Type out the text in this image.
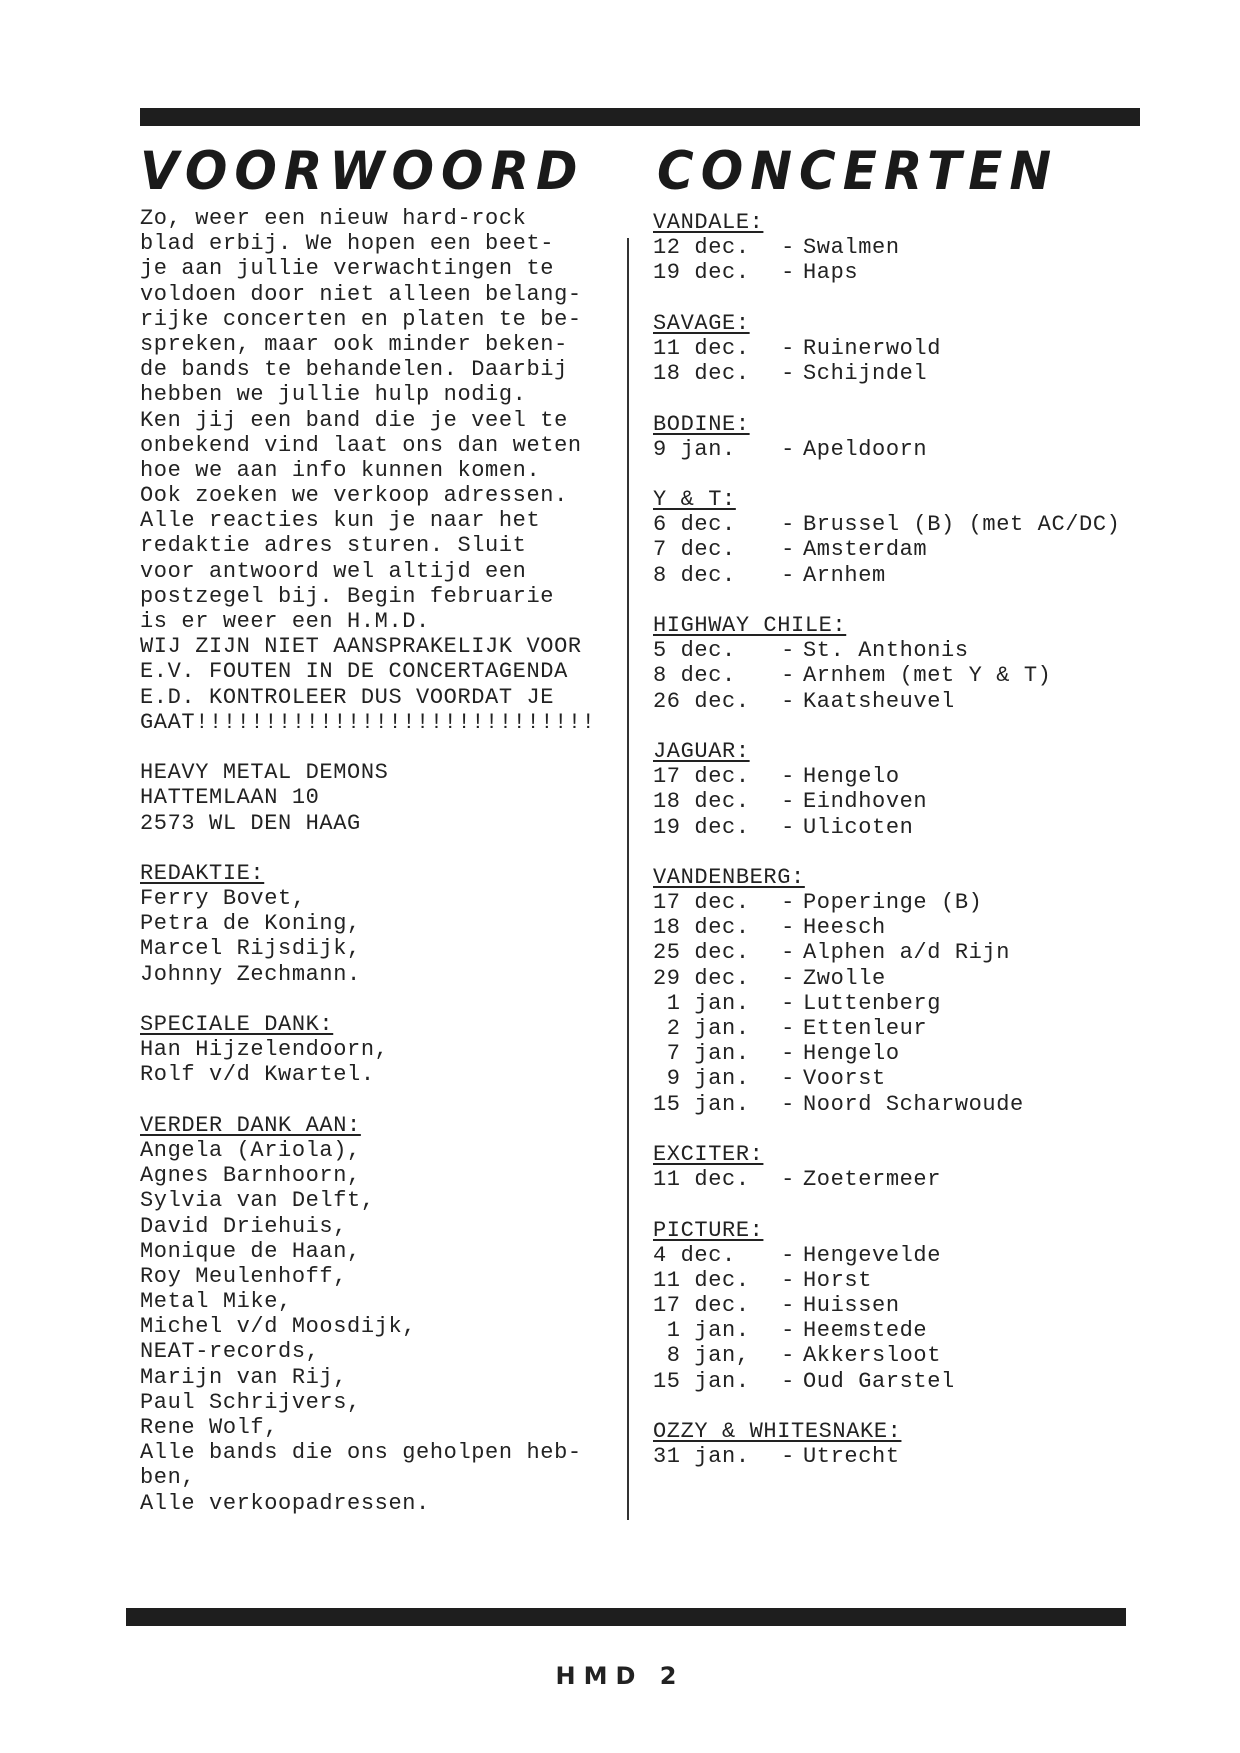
VOORWOORD CONCERTEN
Zo, weer een nieuw hard-rock
blad erbij. We hopen een beet-
je aan jullie verwachtingen te
voldoen door niet alleen belang-
rijke concerten en platen te be-
spreken, maar ook minder beken-
de bands te behandelen. Daarbij
hebben we jullie hulp nodig.
Ken jij een band die je veel te
onbekend vind laat ons dan weten
hoe we aan info kunnen komen.
Ook zoeken we verkoop adressen.
Alle reacties kun je naar het
redaktie adres sturen. Sluit
voor antwoord wel altijd een
postzegel bij. Begin februarie
is er weer een H.M.D.
WIJ ZIJN NIET AANSPRAKELIJK VOOR
E.V. FOUTEN IN DE CONCERTAGENDA
E.D. KONTROLEER DUS VOORDAT JE
GAAT!!!!!!!!!!!!!!!!!!!!!!!!!!!!!
HEAVY METAL DEMONS
HATTEMLAAN 10
2573 WL DEN HAAG
REDAKTIE:
Ferry Bovet,
Petra de Koning,
Marcel Rijsdijk,
Johnny Zechmann.
SPECIALE DANK:
Han Hijzelendoorn,
Rolf v/d Kwartel.
VERDER DANK AAN:
Angela (Ariola),
Agnes Barnhoorn,
Sylvia van Delft,
David Driehuis,
Monique de Haan,
Roy Meulenhoff,
Metal Mike,
Michel v/d Moosdijk,
NEAT-records,
Marijn van Rij,
Paul Schrijvers,
Rene Wolf,
Alle bands die ons geholpen heb-
ben,
Alle verkoopadressen.
VANDALE:
12 dec.	- Swalmen
19 dec.	- Haps
SAVAGE:
11 dec.	- Ruinerwold
18 dec.	- Schijndel
BODINE:
9 jan.	- Apeldoorn
Y & T:
6 dec.	- Brussel (B) (met AC/DC)
7 dec.	- Amsterdam
8 dec.	- Arnhem
HIGHWAY CHILE:
5 dec.	- St. Anthonis
8 dec.	- Arnhem (met Y & T)
26 dec.	- Kaatsheuvel
JAGUAR:
17 dec.	- Hengelo
18 dec.	- Eindhoven
19 dec.	- Ulicoten
VANDENBERG:
17 dec.	- Poperinge (B)
18 dec.	- Heesch
25 dec.	- Alphen a/d Rijn
29 dec.	- Zwolle
1 jan.	- Luttenberg
2 jan.	- Ettenleur
7 jan.	- Hengelo
9 jan.	- Voorst
15 jan.	- Noord Scharwoude
EXCITER:
11 dec.	- Zoetermeer
PICTURE:
4 dec.	- Hengevelde
11 dec.	- Horst
17 dec.	- Huissen
1 jan.	- Heemstede
8 jan,	- Akkersloot
15 jan.	- Oud Garstel
OZZY & WHITESNAKE:
31 jan.	- Utrecht
HMD 2
